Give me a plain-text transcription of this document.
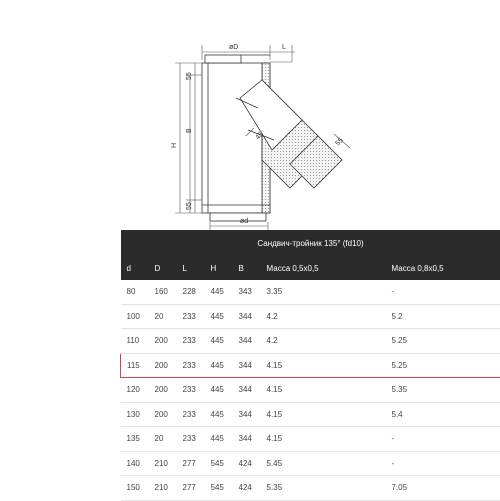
øD	L
H
B
55
55
45
55
ød
Сандвич-тройник 135° (fd10)						
d	D	L	H	B	Масса 0,5x0,5	Масса 0,8x0,5
80	160	228	445	343	3.35	-
100	20	233	445	344	4.2	5.2
110	200	233	445	344	4.2	5.25
115	200	233	445	344	4.15	5.25
120	200	233	445	344	4.15	5.35
130	200	233	445	344	4.15	5.4
135	20	233	445	344	4.15	-
140	210	277	545	424	5.45	-
150	210	277	545	424	5.35	7.05
